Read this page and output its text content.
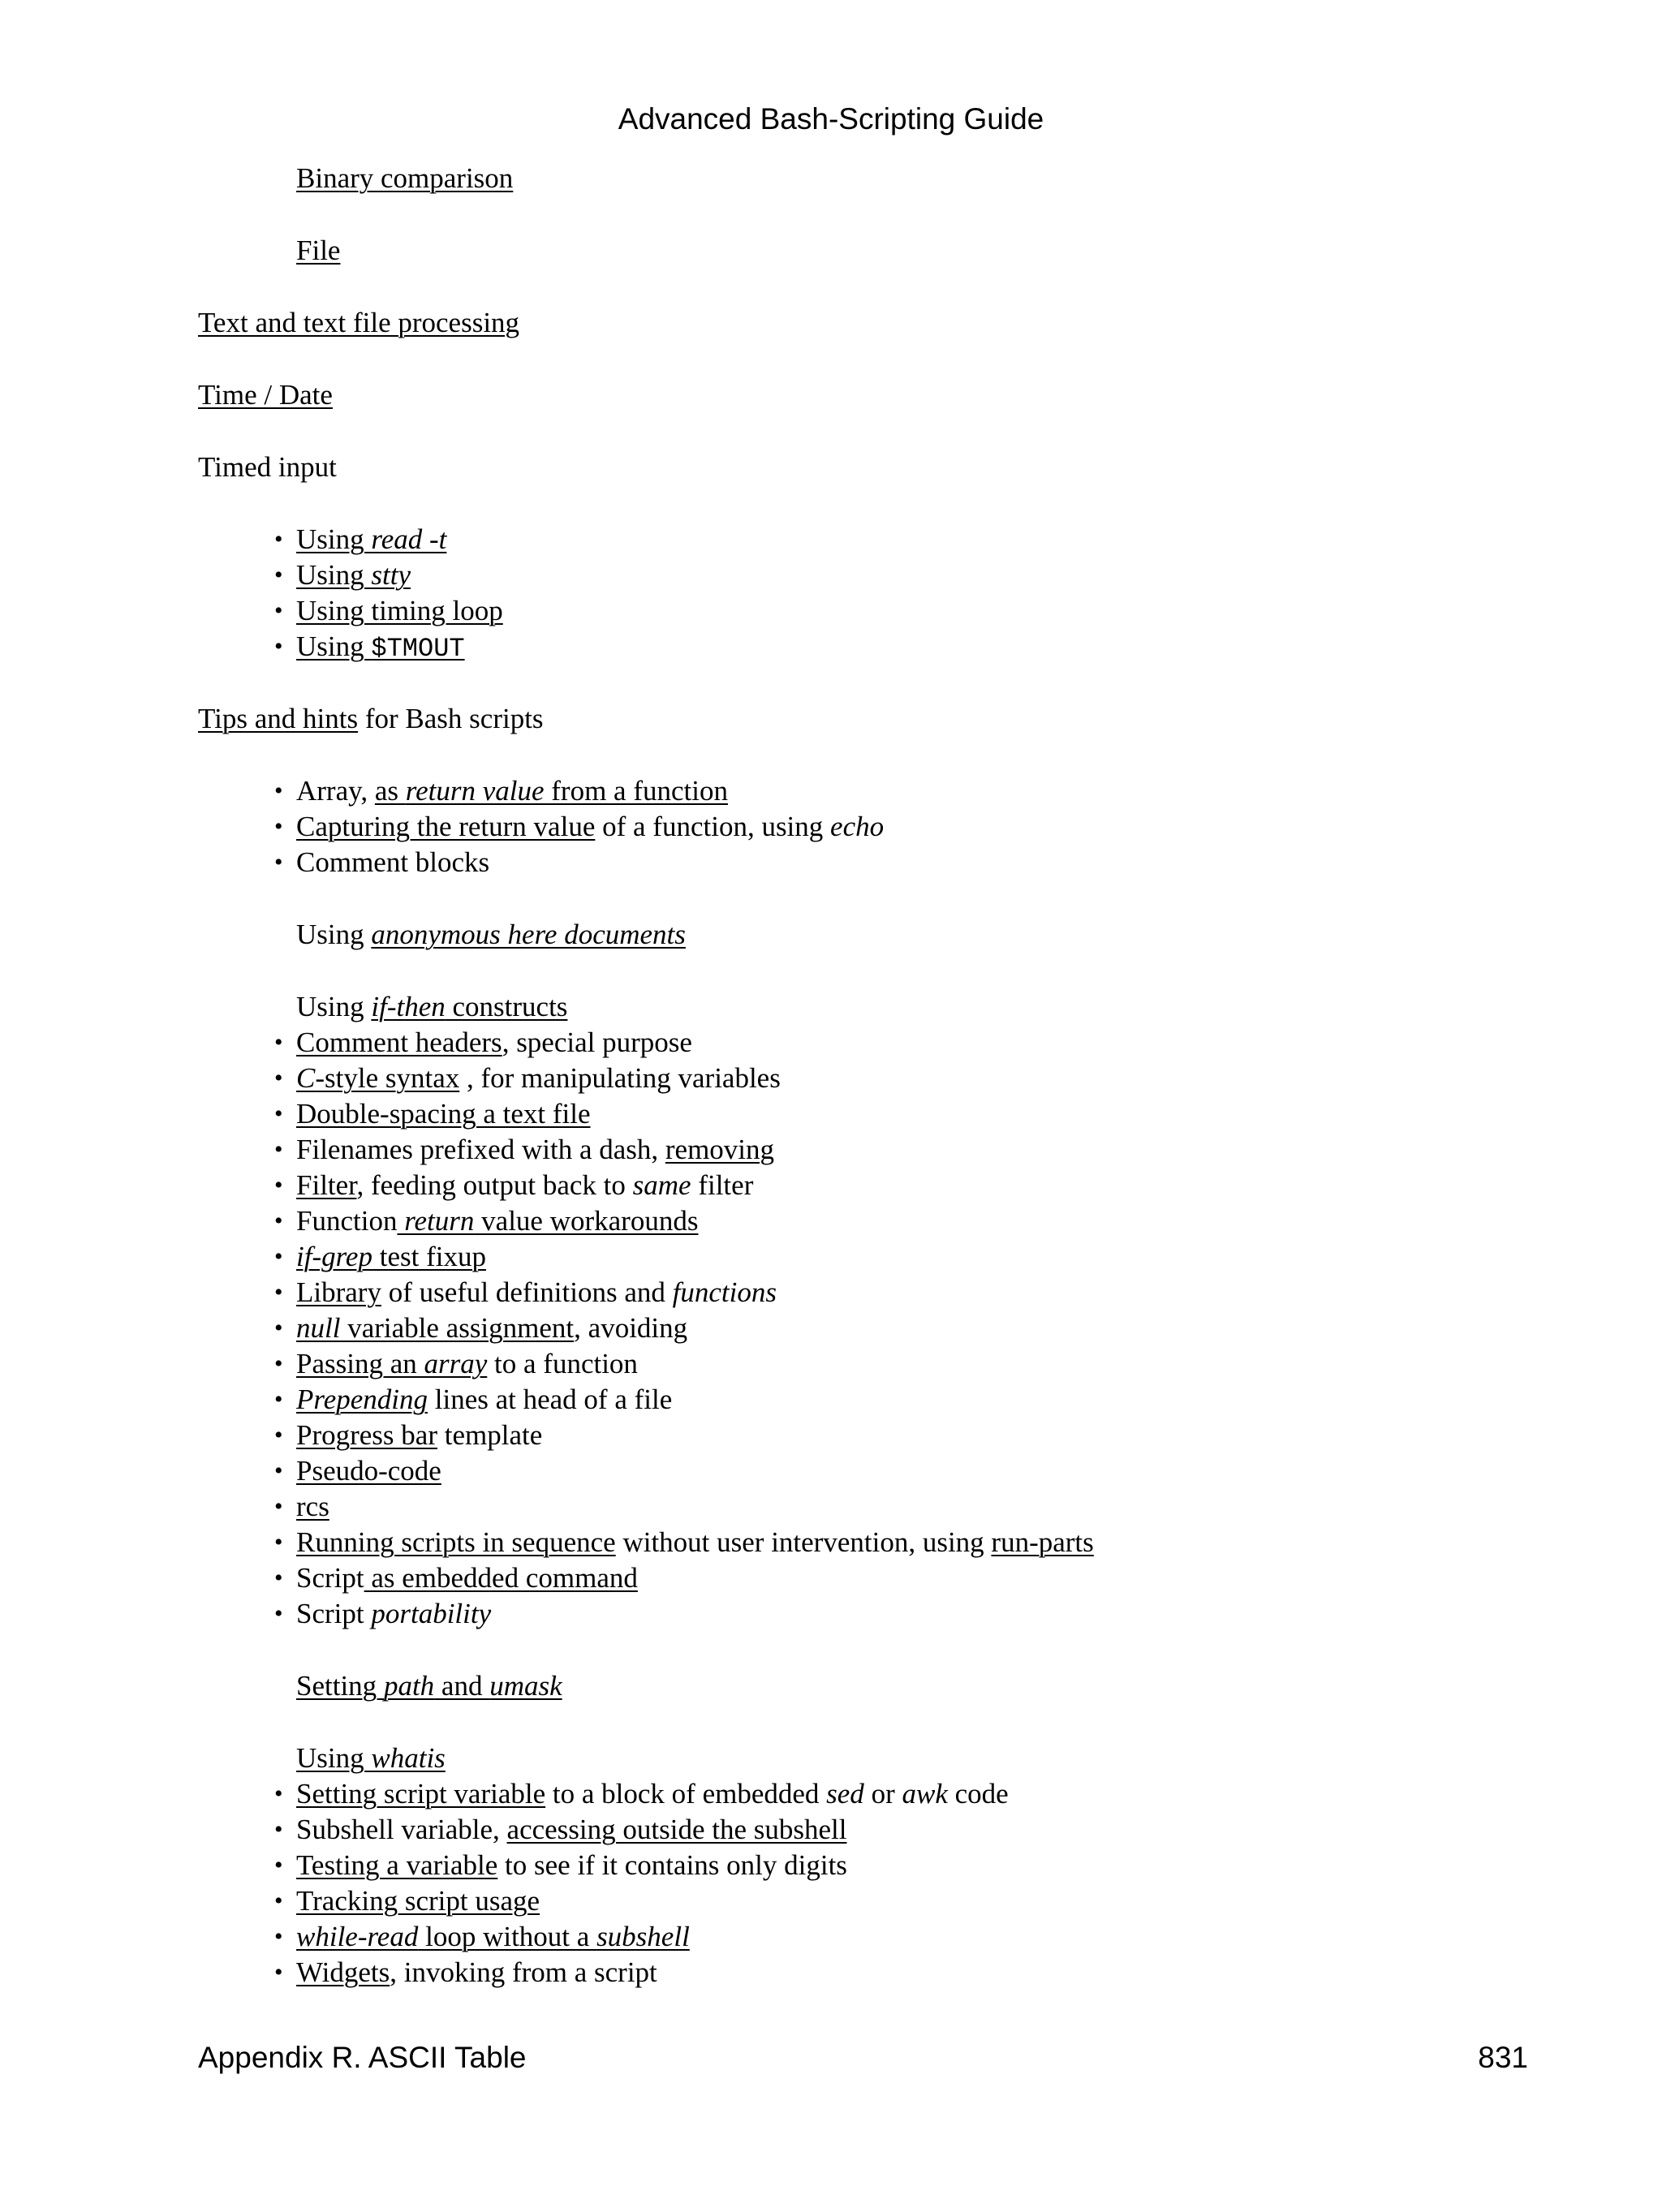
Advanced Bash-Scripting Guide
Binary comparison
File
Text and text file processing
Time / Date
Timed input
• Using read -t
• Using stty
• Using timing loop
• Using $TMOUT
Tips and hints for Bash scripts
• Array, as return value from a function
• Capturing the return value of a function, using echo
• Comment blocks
Using anonymous here documents
Using if-then constructs
• Comment headers, special purpose
• C-style syntax , for manipulating variables
• Double-spacing a text file
• Filenames prefixed with a dash, removing
• Filter, feeding output back to same filter
• Function return value workarounds
• if-grep test fixup
• Library of useful definitions and functions
• null variable assignment, avoiding
• Passing an array to a function
• Prepending lines at head of a file
• Progress bar template
• Pseudo-code
• rcs
• Running scripts in sequence without user intervention, using run-parts
• Script as embedded command
• Script portability
Setting path and umask
Using whatis
• Setting script variable to a block of embedded sed or awk code
• Subshell variable, accessing outside the subshell
• Testing a variable to see if it contains only digits
• Tracking script usage
• while-read loop without a subshell
• Widgets, invoking from a script
Appendix R. ASCII Table	831
